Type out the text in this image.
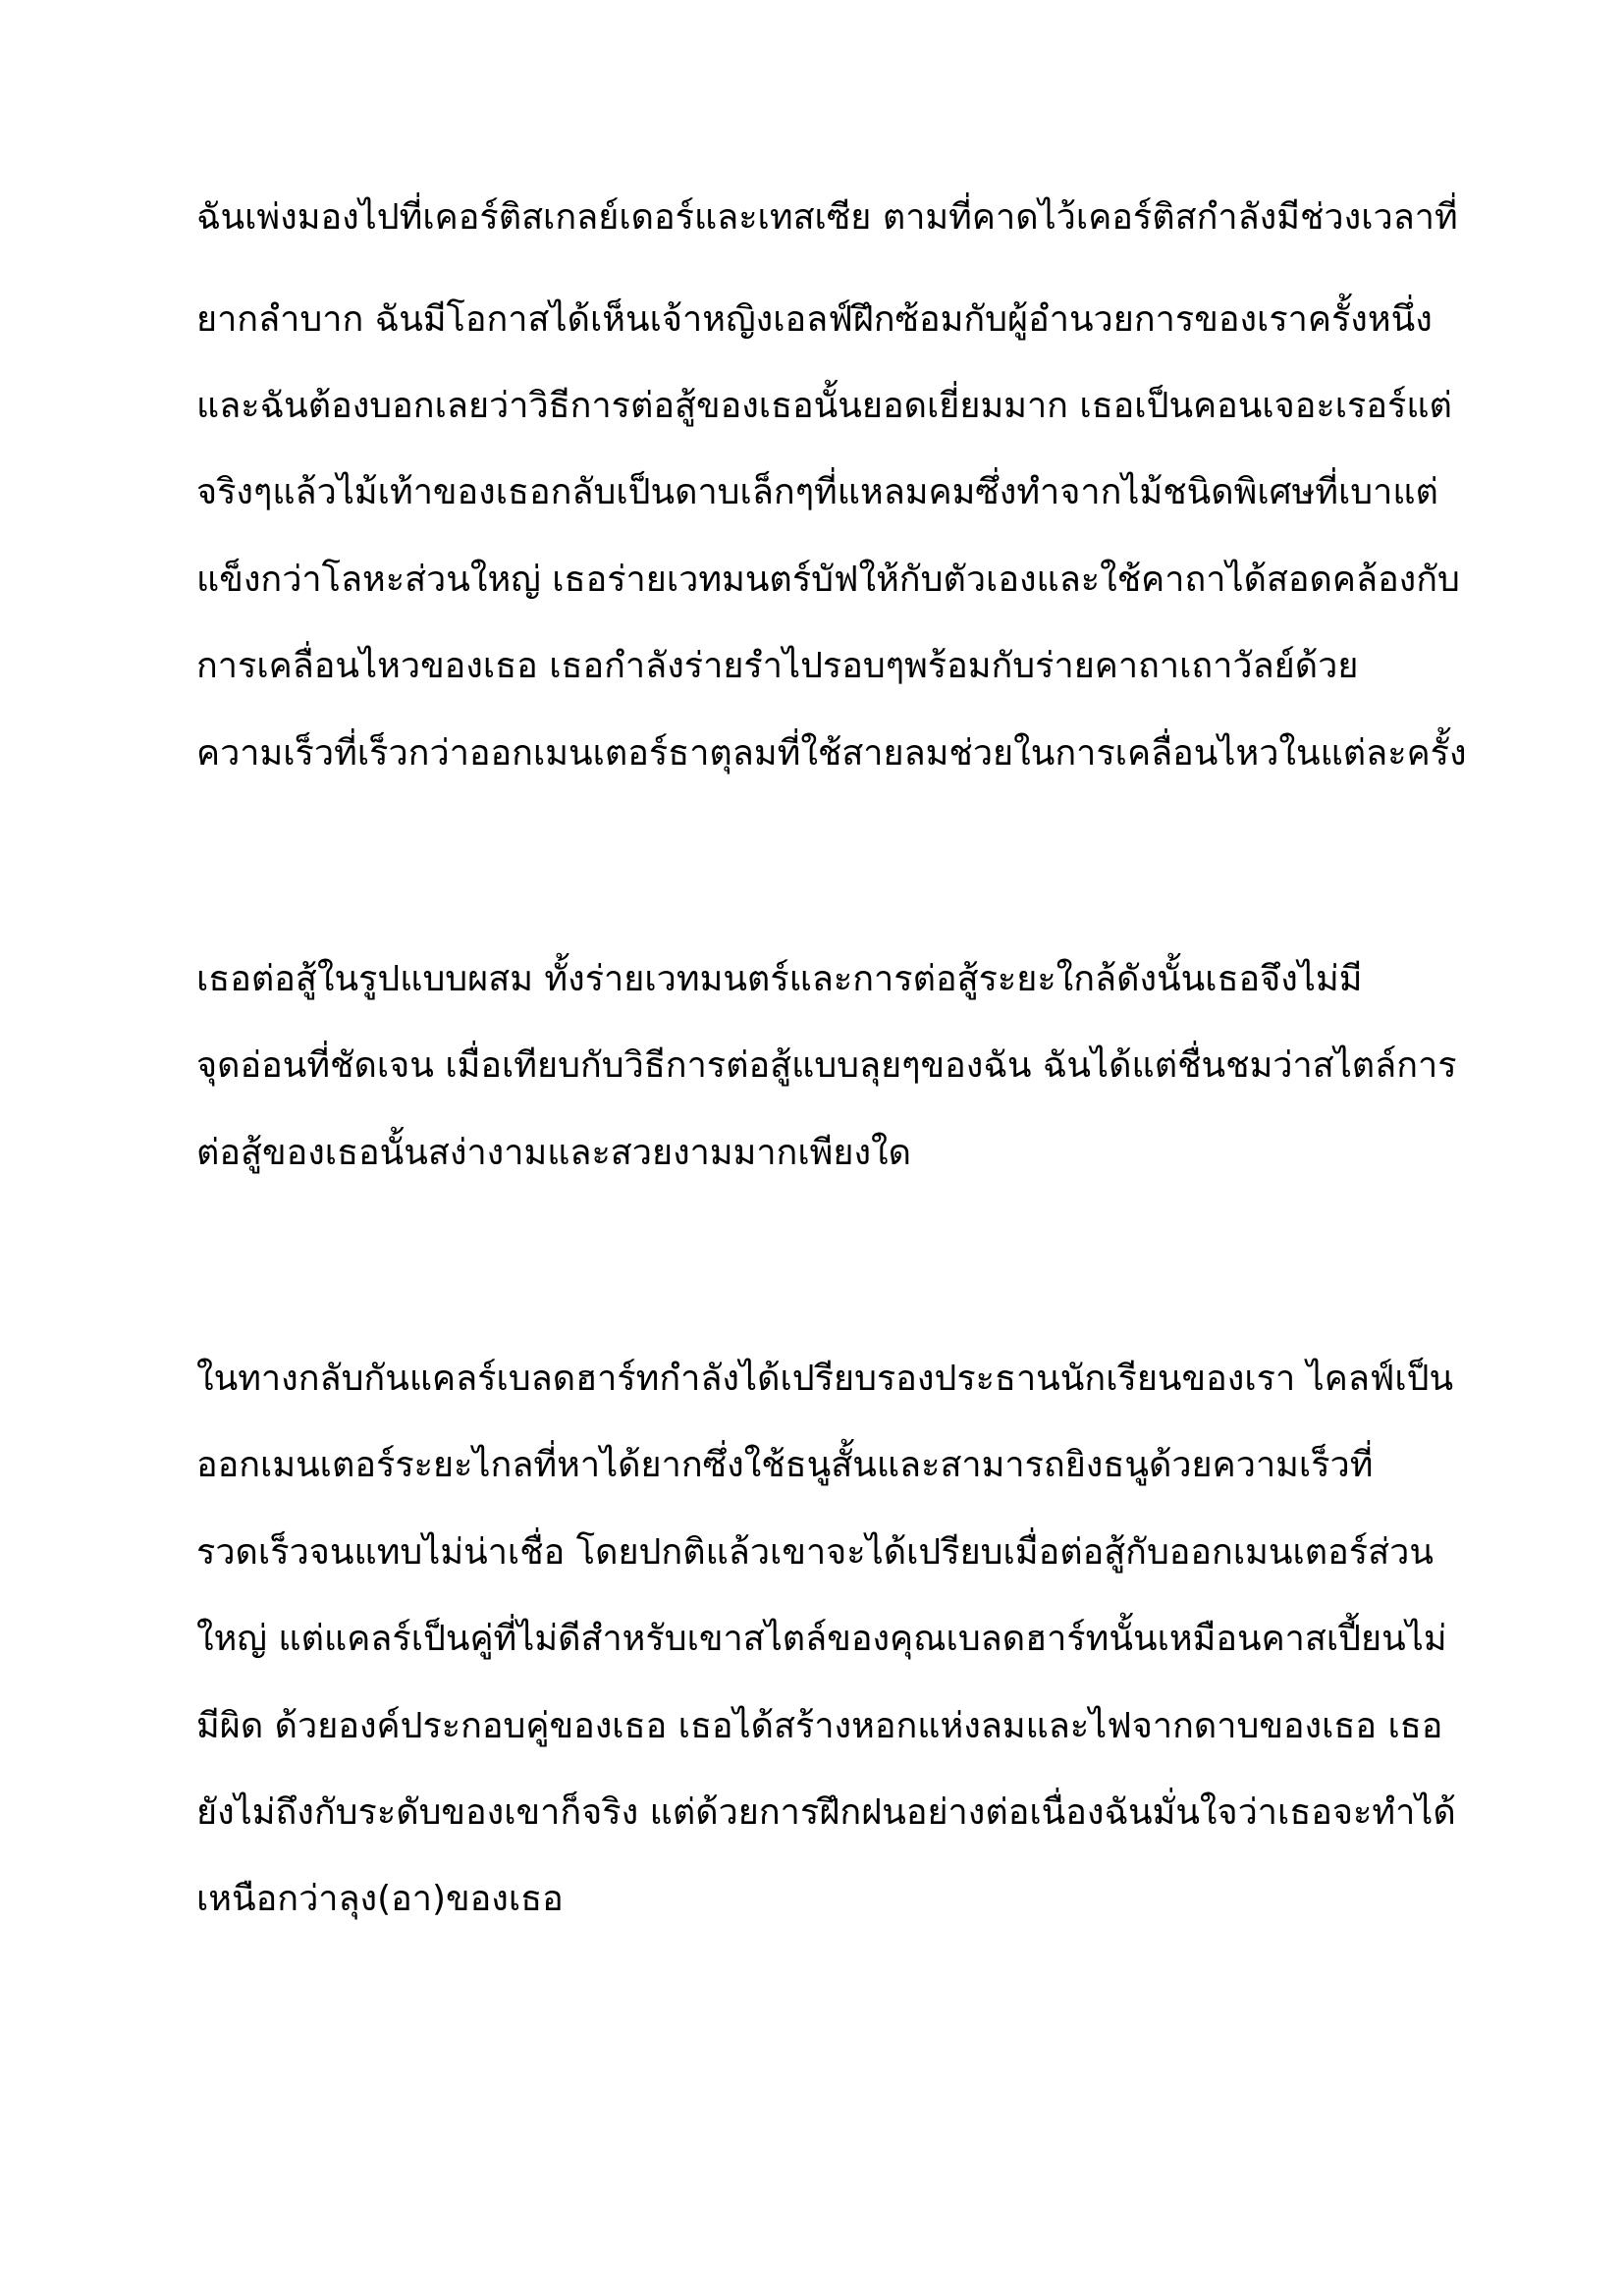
ฉันเพ่งมองไปที่เคอร์ติสเกลย์เดอร์และเทสเซีย ตามที่คาดไว้เคอร์ติสกำลังมีช่วงเวลาที่
ยากลำบาก ฉันมีโอกาสได้เห็นเจ้าหญิงเอลฟ์ฝึกซ้อมกับผู้อำนวยการของเราครั้งหนึ่ง
และฉันต้องบอกเลยว่าวิธีการต่อสู้ของเธอนั้นยอดเยี่ยมมาก เธอเป็นคอนเจอะเรอร์แต่
จริงๆแล้วไม้เท้าของเธอกลับเป็นดาบเล็กๆที่แหลมคมซึ่งทำจากไม้ชนิดพิเศษที่เบาแต่
แข็งกว่าโลหะส่วนใหญ่ เธอร่ายเวทมนตร์บัฟให้กับตัวเองและใช้คาถาได้สอดคล้องกับ
การเคลื่อนไหวของเธอ เธอกำลังร่ายรำไปรอบๆพร้อมกับร่ายคาถาเถาวัลย์ด้วย
ความเร็วที่เร็วกว่าออกเมนเตอร์ธาตุลมที่ใช้สายลมช่วยในการเคลื่อนไหวในแต่ละครั้ง
เธอต่อสู้ในรูปแบบผสม ทั้งร่ายเวทมนตร์และการต่อสู้ระยะใกล้ดังนั้นเธอจึงไม่มี
จุดอ่อนที่ชัดเจน เมื่อเทียบกับวิธีการต่อสู้แบบลุยๆของฉัน ฉันได้แต่ชื่นชมว่าสไตล์การ
ต่อสู้ของเธอนั้นสง่างามและสวยงามมากเพียงใด
ในทางกลับกันแคลร์เบลดฮาร์ทกำลังได้เปรียบรองประธานนักเรียนของเรา ไคลฟ์เป็น
ออกเมนเตอร์ระยะไกลที่หาได้ยากซึ่งใช้ธนูสั้นและสามารถยิงธนูด้วยความเร็วที่
รวดเร็วจนแทบไม่น่าเชื่อ โดยปกติแล้วเขาจะได้เปรียบเมื่อต่อสู้กับออกเมนเตอร์ส่วน
ใหญ่ แต่แคลร์เป็นคู่ที่ไม่ดีสำหรับเขาสไตล์ของคุณเบลดฮาร์ทนั้นเหมือนคาสเปี้ยนไม่
มีผิด ด้วยองค์ประกอบคู่ของเธอ เธอได้สร้างหอกแห่งลมและไฟจากดาบของเธอ เธอ
ยังไม่ถึงกับระดับของเขาก็จริง แต่ด้วยการฝึกฝนอย่างต่อเนื่องฉันมั่นใจว่าเธอจะทำได้
เหนือกว่าลุง(อา)ของเธอ
